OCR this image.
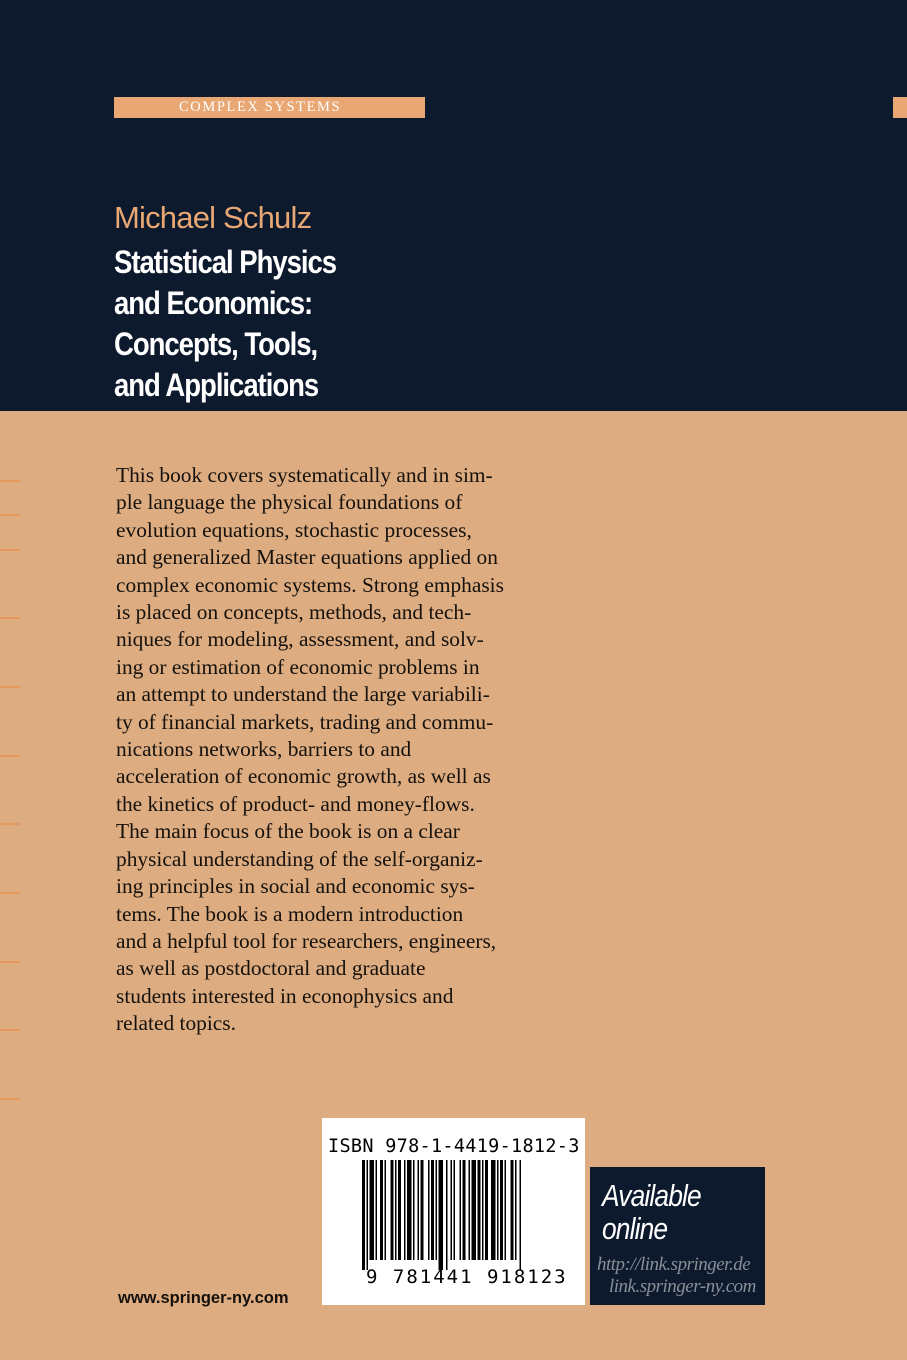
COMPLEX SYSTEMS
Michael Schulz
Statistical Physics
and Economics:
Concepts, Tools,
and Applications
This book covers systematically and in sim-
ple language the physical foundations of
evolution equations, stochastic processes,
and generalized Master equations applied on
complex economic systems. Strong emphasis
is placed on concepts, methods, and tech-
niques for modeling, assessment, and solv-
ing or estimation of economic problems in
an attempt to understand the large variabili-
ty of financial markets, trading and commu-
nications networks, barriers to and
acceleration of economic growth, as well as
the kinetics of product- and money-flows.
The main focus of the book is on a clear
physical understanding of the self-organiz-
ing principles in social and economic sys-
tems. The book is a modern introduction
and a helpful tool for researchers, engineers,
as well as postdoctoral and graduate
students interested in econophysics and
related topics.
ISBN 978-1-4419-1812-3
9 781441 918123
Available
online
http://link.springer.de
link.springer-ny.com
www.springer-ny.com
